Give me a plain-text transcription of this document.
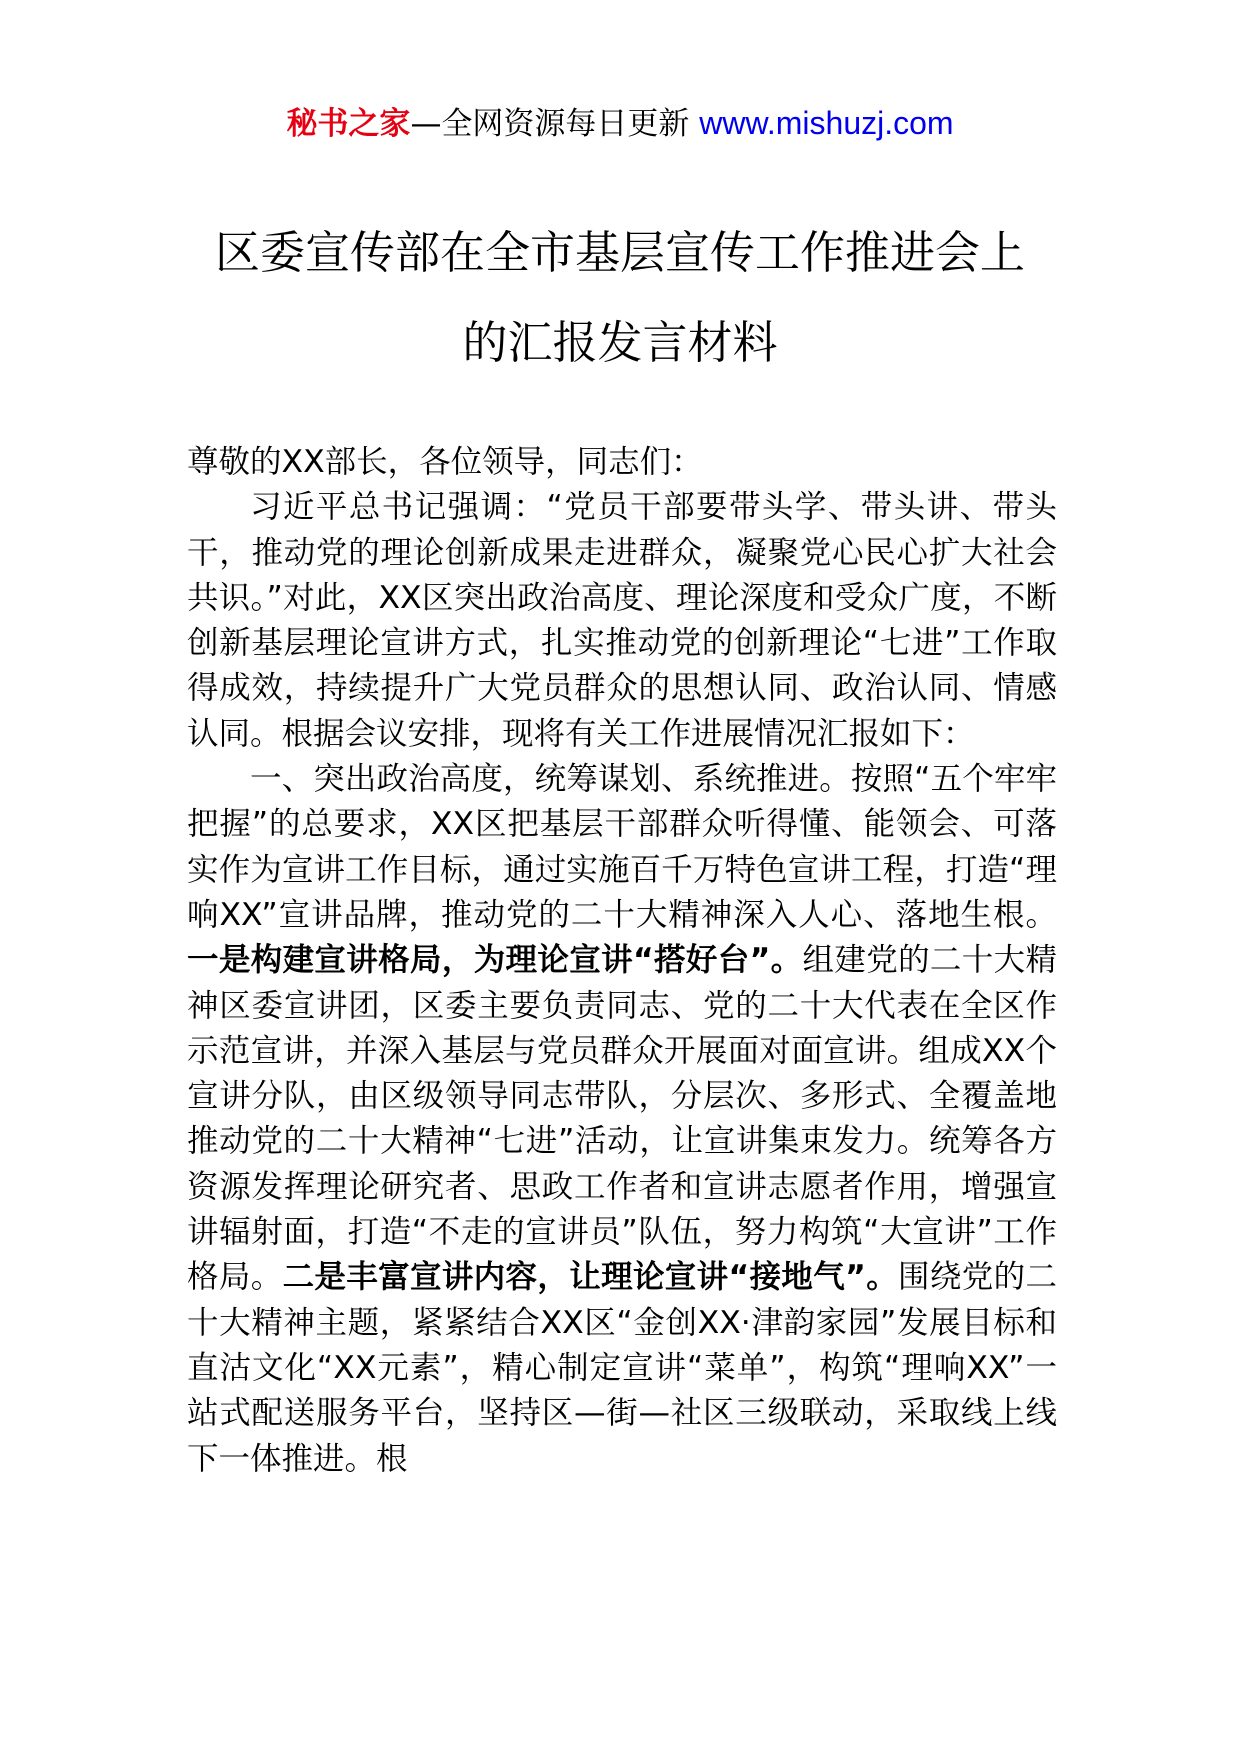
秘书之家—全网资源每日更新 www.mishuzj.com
区委宣传部在全市基层宣传工作推进会上
的汇报发言材料

尊敬的XX部长，各位领导，同志们：

习近平总书记强调：“党员干部要带头学、带头讲、带头干，推动党的理论创新成果走进群众，凝聚党心民心扩大社会共识。”对此，XX区突出政治高度、理论深度和受众广度，不断创新基层理论宣讲方式，扎实推动党的创新理论“七进”工作取得成效，持续提升广大党员群众的思想认同、政治认同、情感认同。根据会议安排，现将有关工作进展情况汇报如下：

一、突出政治高度，统筹谋划、系统推进。按照“五个牢牢把握”的总要求，XX区把基层干部群众听得懂、能领会、可落实作为宣讲工作目标，通过实施百千万特色宣讲工程，打造“理响XX”宣讲品牌，推动党的二十大精神深入人心、落地生根。一是构建宣讲格局，为理论宣讲“搭好台”。组建党的二十大精神区委宣讲团，区委主要负责同志、党的二十大代表在全区作示范宣讲，并深入基层与党员群众开展面对面宣讲。组成XX个宣讲分队，由区级领导同志带队，分层次、多形式、全覆盖地推动党的二十大精神“七进”活动，让宣讲集束发力。统筹各方资源发挥理论研究者、思政工作者和宣讲志愿者作用，增强宣讲辐射面，打造“不走的宣讲员”队伍，努力构筑“大宣讲”工作格局。二是丰富宣讲内容，让理论宣讲“接地气”。围绕党的二十大精神主题，紧紧结合XX区“金创XX·津韵家园”发展目标和直沽文化“XX元素”，精心制定宣讲“菜单”，构筑“理响XX”一站式配送服务平台，坚持区—街—社区三级联动，采取线上线下一体推进。根
